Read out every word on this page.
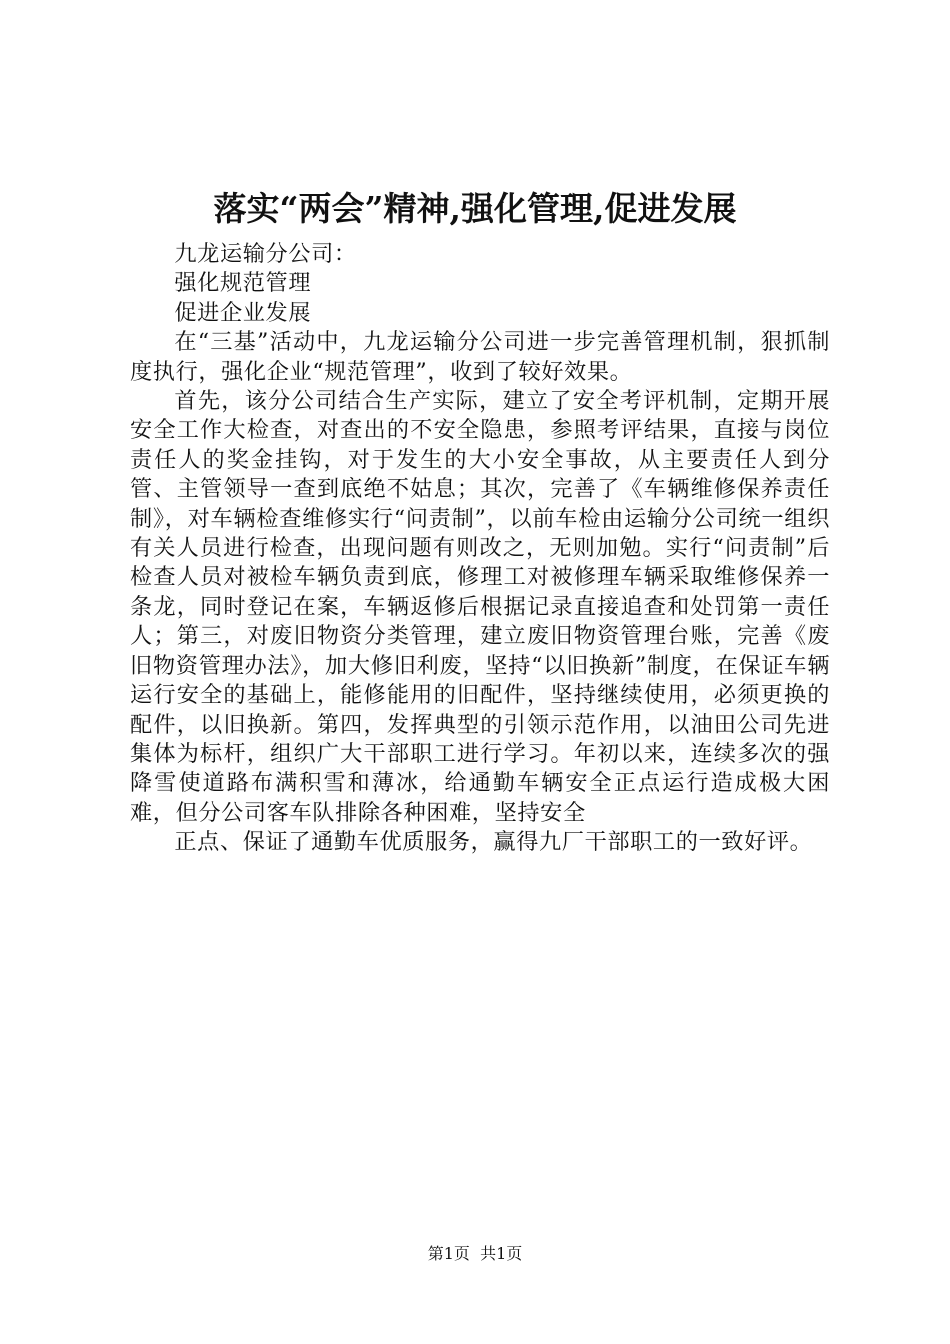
落实“两会”精神,强化管理,促进发展

九龙运输分公司：

强化规范管理

促进企业发展

在“三基”活动中，九龙运输分公司进一步完善管理机制，狠抓制度执行，强化企业“规范管理”，收到了较好效果。

首先，该分公司结合生产实际，建立了安全考评机制，定期开展安全工作大检查，对查出的不安全隐患，参照考评结果，直接与岗位责任人的奖金挂钩，对于发生的大小安全事故，从主要责任人到分管、主管领导一查到底绝不姑息；其次，完善了《车辆维修保养责任制》，对车辆检查维修实行“问责制”，以前车检由运输分公司统一组织有关人员进行检查，出现问题有则改之，无则加勉。实行“问责制”后检查人员对被检车辆负责到底，修理工对被修理车辆采取维修保养一条龙，同时登记在案，车辆返修后根据记录直接追查和处罚第一责任人；第三，对废旧物资分类管理，建立废旧物资管理台账，完善《废旧物资管理办法》，加大修旧利废，坚持“以旧换新”制度，在保证车辆运行安全的基础上，能修能用的旧配件，坚持继续使用，必须更换的配件，以旧换新。第四，发挥典型的引领示范作用，以油田公司先进集体为标杆，组织广大干部职工进行学习。年初以来，连续多次的强降雪使道路布满积雪和薄冰，给通勤车辆安全正点运行造成极大困难，但分公司客车队排除各种困难，坚持安全

正点、保证了通勤车优质服务，赢得九厂干部职工的一致好评。

第1页 共1页
